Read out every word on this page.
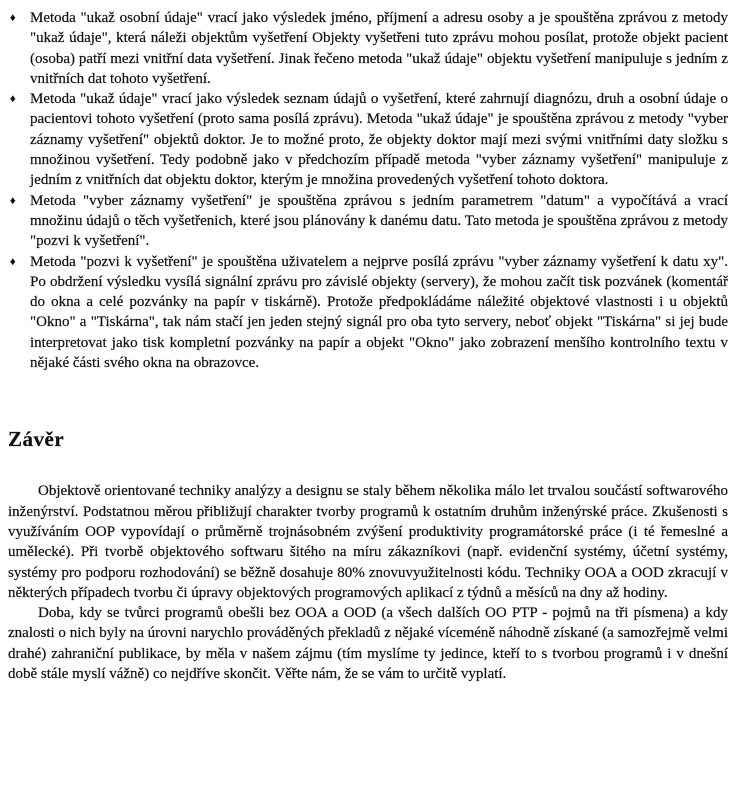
♦ Metoda "ukaž osobní údaje" vrací jako výsledek jméno, příjmení a adresu osoby a je spouštěna zprávou z metody "ukaž údaje", která náleži objektům vyšetření Objekty vyšetřeni tuto zprávu mohou posílat, protože objekt pacient (osoba) patří mezi vnitřní data vyšetření. Jinak řečeno metoda "ukaž údaje" objektu vyšetření manipuluje s jedním z vnitřních dat tohoto vyšetření.
♦ Metoda "ukaž údaje" vrací jako výsledek seznam údajů o vyšetření, které zahrnují diagnózu, druh a osobní údaje o pacientovi tohoto vyšetření (proto sama posílá zprávu). Metoda "ukaž údaje" je spouštěna zprávou z metody "vyber záznamy vyšetření" objektů doktor. Je to možné proto, že objekty doktor mají mezi svými vnitřními daty složku s množinou vyšetření. Tedy podobně jako v předchozím případě metoda "vyber záznamy vyšetření" manipuluje z jedním z vnitřních dat objektu doktor, kterým je množina provedených vyšetření tohoto doktora.
♦ Metoda "vyber záznamy vyšetření" je spouštěna zprávou s jedním parametrem "datum" a vypočítává a vrací množinu údajů o těch vyšetřenich, které jsou plánovány k danému datu. Tato metoda je spouštěna zprávou z metody "pozvi k vyšetření".
♦ Metoda "pozvi k vyšetření" je spouštěna uživatelem a nejprve posílá zprávu "vyber záznamy vyšetření k datu xy". Po obdržení výsledku vysílá signální zprávu pro závislé objekty (servery), že mohou začít tisk pozvánek (komentář do okna a celé pozvánky na papír v tiskárně). Protože předpokládáme náležité objektové vlastnosti i u objektů "Okno" a "Tiskárna", tak nám stačí jen jeden stejný signál pro oba tyto servery, neboť objekt "Tiskárna" si jej bude interpretovat jako tisk kompletní pozvánky na papír a objekt "Okno" jako zobrazení menšího kontrolního textu v nějaké části svého okna na obrazovce.
Závěr

Objektově orientované techniky analýzy a designu se staly během několika málo let trvalou součástí softwarového inženýrství. Podstatnou měrou přibližují charakter tvorby programů k ostatním druhům inženýrské práce. Zkušenosti s využíváním OOP vypovídají o průměrně trojnásobném zvýšení produktivity programátorské práce (i té řemeslné a umělecké). Při tvorbě objektového softwaru šitého na míru zákazníkovi (např. evidenční systémy, účetní systémy, systémy pro podporu rozhodování) se běžně dosahuje 80% znovuvyužitelnosti kódu. Techniky OOA a OOD zkracují v některých případech tvorbu či úpravy objektových programových aplikací z týdnů a měsíců na dny až hodiny.

Doba, kdy se tvůrci programů obešli bez OOA a OOD (a všech dalších OO PTP - pojmů na tři písmena) a kdy znalosti o nich byly na úrovni narychlo prováděných překladů z nějaké víceméně náhodně získané (a samozřejmě velmi drahé) zahraniční publikace, by měla v našem zájmu (tím myslíme ty jedince, kteří to s tvorbou programů i v dnešní době stále myslí vážně) co nejdříve skončit. Věřte nám, že se vám to určitě vyplatí.
